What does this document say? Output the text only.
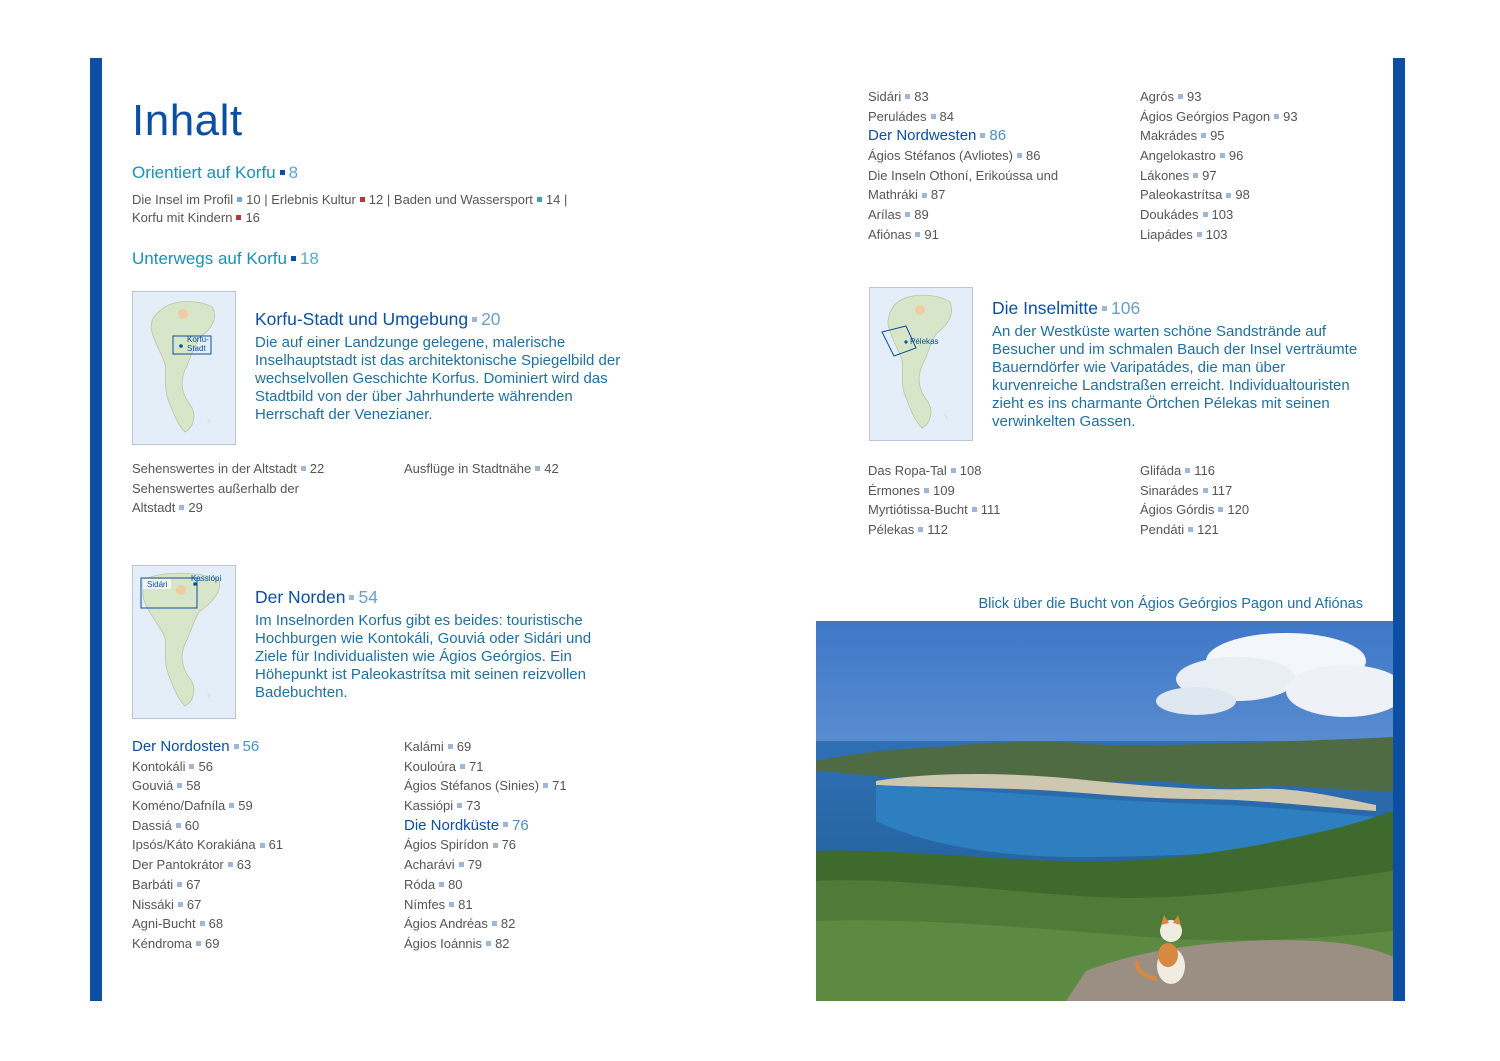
Inhalt
Orientiert auf Korfu 8
Die Insel im Profil 10 | Erlebnis Kultur 12 | Baden und Wassersport 14 |
Korfu mit Kindern 16
Unterwegs auf Korfu 18
Korfu-
Stadt
Korfu-Stadt und Umgebung 20
Die auf einer Landzunge gelegene, malerische Inselhauptstadt ist das architektonische Spiegelbild der wechselvollen Geschichte Korfus. Dominiert wird das Stadtbild von der über Jahrhunderte währenden Herrschaft der Venezianer.
Sehenswertes in der Altstadt 22
Sehenswertes außerhalb der
Altstadt 29
Ausflüge in Stadtnähe 42
Sidári
Kassiópi
Der Norden 54
Im Inselnorden Korfus gibt es beides: touristische Hochburgen wie Kontokáli, Gouviá oder Sidári und Ziele für Individualisten wie Ágios Geórgios. Ein Höhepunkt ist Paleokastrítsa mit seinen reizvollen Badebuchten.
Der Nordosten 56
Kontokáli 56
Gouviá 58
Koméno/Dafníla 59
Dassiá 60
Ipsós/Káto Korakiána 61
Der Pantokrátor 63
Barbáti 67
Nissáki 67
Agni-Bucht 68
Kéndroma 69
Kalámi 69
Kouloúra 71
Ágios Stéfanos (Sinies) 71
Kassiópi 73
Die Nordküste 76
Ágios Spirídon 76
Acharávi 79
Róda 80
Nímfes 81
Ágios Andréas 82
Ágios Ioánnis 82
Sidári 83
Peruládes 84
Der Nordwesten 86
Ágios Stéfanos (Avliotes) 86
Die Inseln Othoní, Erikoússa und
Mathráki 87
Arílas 89
Afiónas 91
Agrós 93
Ágios Geórgios Pagon 93
Makrádes 95
Angelokastro 96
Lákones 97
Paleokastrítsa 98
Doukádes 103
Liapádes 103
Pélekas
Die Inselmitte 106
An der Westküste warten schöne Sandstrände auf Besucher und im schmalen Bauch der Insel verträumte Bauerndörfer wie Varipatádes, die man über kurvenreiche Landstraßen erreicht. Individualtouristen zieht es ins charmante Örtchen Pélekas mit seinen verwinkelten Gassen.
Das Ropa-Tal 108
Érmones 109
Myrtiótissa-Bucht 111
Pélekas 112
Glifáda 116
Sinarádes 117
Ágios Górdis 120
Pendáti 121
Blick über die Bucht von Ágios Geórgios Pagon und Afiónas
